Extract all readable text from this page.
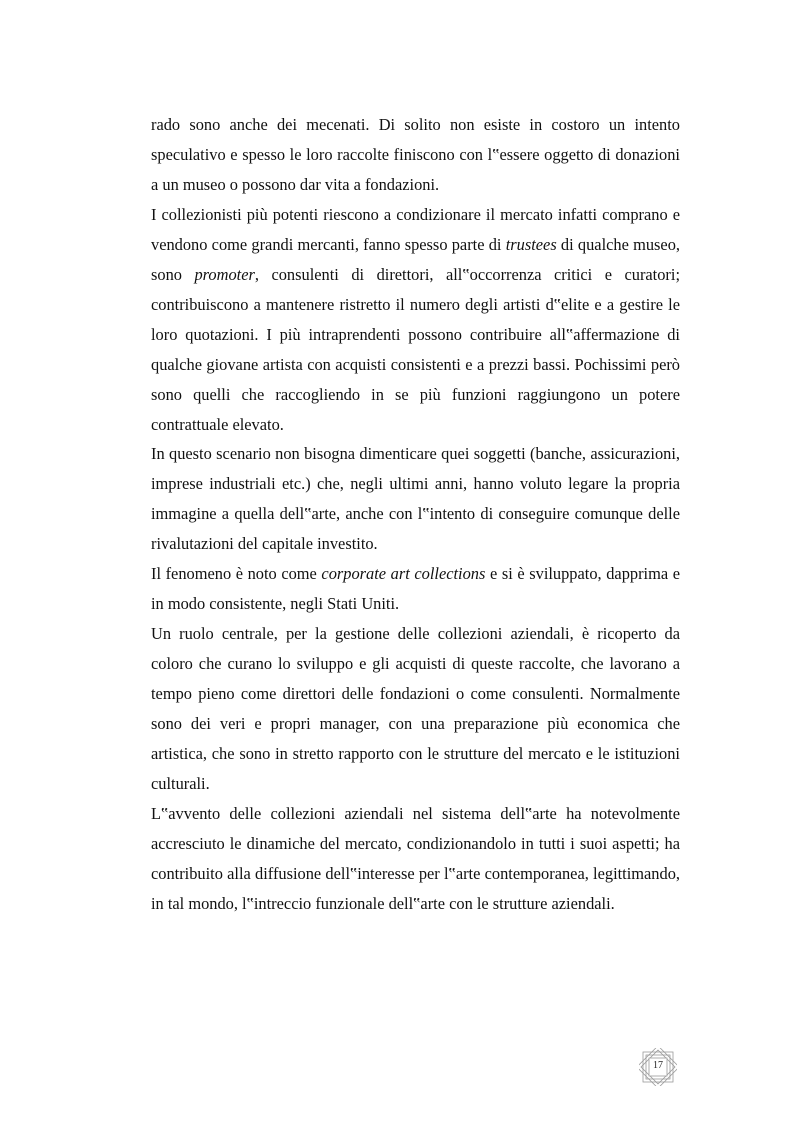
rado sono anche dei mecenati. Di solito non esiste in costoro un intento speculativo e spesso le loro raccolte finiscono con l‟essere oggetto di donazioni a un museo o possono dar vita a fondazioni.

I collezionisti più potenti riescono a condizionare il mercato infatti comprano e vendono come grandi mercanti, fanno spesso parte di trustees di qualche museo, sono promoter, consulenti di direttori, all‟occorrenza critici e curatori; contribuiscono a mantenere ristretto il numero degli artisti d‟elite e a gestire le loro quotazioni. I più intraprendenti possono contribuire all‟affermazione di qualche giovane artista con acquisti consistenti e a prezzi bassi. Pochissimi però sono quelli che raccogliendo in se più funzioni raggiungono un potere contrattuale elevato.

In questo scenario non bisogna dimenticare quei soggetti (banche, assicurazioni, imprese industriali etc.) che, negli ultimi anni, hanno voluto legare la propria immagine a quella dell‟arte, anche con l‟intento di conseguire comunque delle rivalutazioni del capitale investito.

Il fenomeno è noto come corporate art collections e si è sviluppato, dapprima e in modo consistente, negli Stati Uniti.

Un ruolo centrale, per la gestione delle collezioni aziendali, è ricoperto da coloro che curano lo sviluppo e gli acquisti di queste raccolte, che lavorano a tempo pieno come direttori delle fondazioni o come consulenti. Normalmente sono dei veri e propri manager, con una preparazione più economica che artistica, che sono in stretto rapporto con le strutture del mercato e le istituzioni culturali.

L‟avvento delle collezioni aziendali nel sistema dell‟arte ha notevolmente accresciuto le dinamiche del mercato, condizionandolo in tutti i suoi aspetti; ha contribuito alla diffusione dell‟interesse per l‟arte contemporanea, legittimando, in tal mondo, l‟intreccio funzionale dell‟arte con le strutture aziendali.

17
